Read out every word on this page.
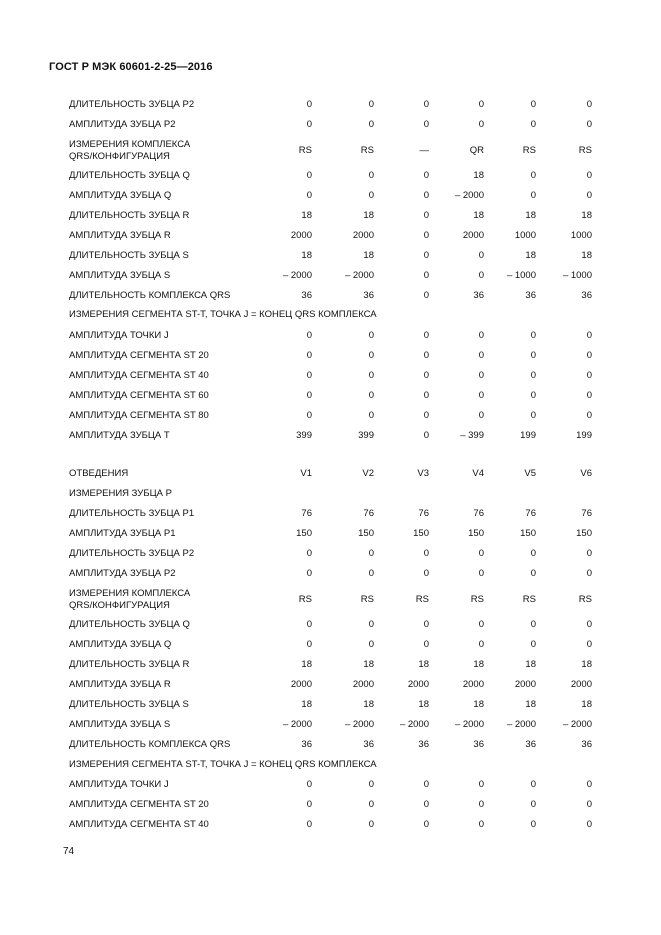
ГОСТ Р МЭК 60601-2-25—2016
ДЛИТЕЛЬНОСТЬ ЗУБЦА P2	0	0	0	0	0	0
АМПЛИТУДА ЗУБЦА P2	0	0	0	0	0	0
ИЗМЕРЕНИЯ КОМПЛЕКСА
QRS/КОНФИГУРАЦИЯ
RS	RS	—	QR	RS	RS
ДЛИТЕЛЬНОСТЬ ЗУБЦА Q	0	0	0	18	0	0
АМПЛИТУДА ЗУБЦА Q	0	0	0	– 2000	0	0
ДЛИТЕЛЬНОСТЬ ЗУБЦА R	18	18	0	18	18	18
АМПЛИТУДА ЗУБЦА R	2000	2000	0	2000	1000	1000
ДЛИТЕЛЬНОСТЬ ЗУБЦА S	18	18	0	0	18	18
АМПЛИТУДА ЗУБЦА S	– 2000	– 2000	0	0	– 1000	– 1000
ДЛИТЕЛЬНОСТЬ КОМПЛЕКСА QRS	36	36	0	36	36	36
ИЗМЕРЕНИЯ СЕГМЕНТА ST-T, ТОЧКА J = КОНЕЦ QRS КОМПЛЕКСА
АМПЛИТУДА ТОЧКИ J	0	0	0	0	0	0
АМПЛИТУДА СЕГМЕНТА ST 20	0	0	0	0	0	0
АМПЛИТУДА СЕГМЕНТА ST 40	0	0	0	0	0	0
АМПЛИТУДА СЕГМЕНТА ST 60	0	0	0	0	0	0
АМПЛИТУДА СЕГМЕНТА ST 80	0	0	0	0	0	0
АМПЛИТУДА ЗУБЦА T	399	399	0	– 399	199	199
ОТВЕДЕНИЯ	V1	V2	V3	V4	V5	V6
ИЗМЕРЕНИЯ ЗУБЦА P
ДЛИТЕЛЬНОСТЬ ЗУБЦА P1	76	76	76	76	76	76
АМПЛИТУДА ЗУБЦА P1	150	150	150	150	150	150
ДЛИТЕЛЬНОСТЬ ЗУБЦА P2	0	0	0	0	0	0
АМПЛИТУДА ЗУБЦА P2	0	0	0	0	0	0
ИЗМЕРЕНИЯ КОМПЛЕКСА
QRS/КОНФИГУРАЦИЯ
RS	RS	RS	RS	RS	RS
ДЛИТЕЛЬНОСТЬ ЗУБЦА Q	0	0	0	0	0	0
АМПЛИТУДА ЗУБЦА Q	0	0	0	0	0	0
ДЛИТЕЛЬНОСТЬ ЗУБЦА R	18	18	18	18	18	18
АМПЛИТУДА ЗУБЦА R	2000	2000	2000	2000	2000	2000
ДЛИТЕЛЬНОСТЬ ЗУБЦА S	18	18	18	18	18	18
АМПЛИТУДА ЗУБЦА S	– 2000	– 2000	– 2000	– 2000	– 2000	– 2000
ДЛИТЕЛЬНОСТЬ КОМПЛЕКСА QRS	36	36	36	36	36	36
ИЗМЕРЕНИЯ СЕГМЕНТА ST-T, ТОЧКА J = КОНЕЦ QRS КОМПЛЕКСА
АМПЛИТУДА ТОЧКИ J	0	0	0	0	0	0
АМПЛИТУДА СЕГМЕНТА ST 20	0	0	0	0	0	0
АМПЛИТУДА СЕГМЕНТА ST 40	0	0	0	0	0	0
74
